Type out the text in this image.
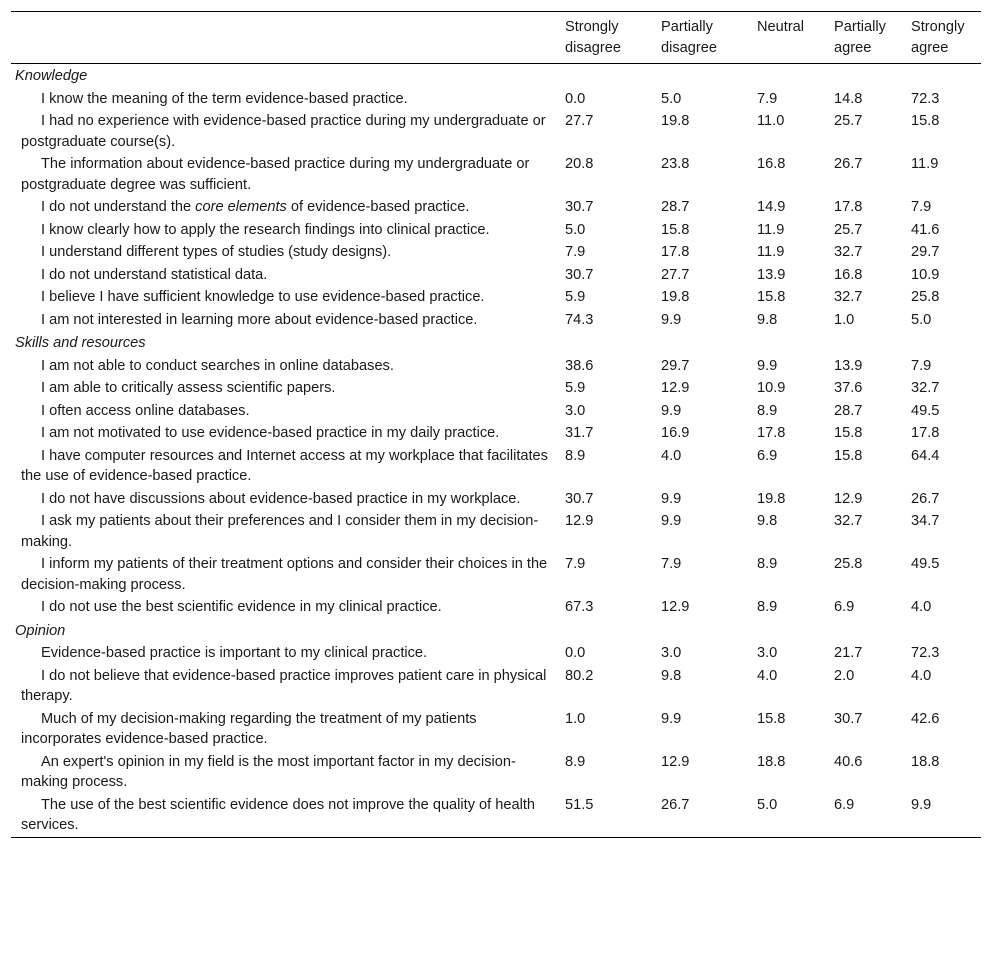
	Strongly disagree	Partially disagree	Neutral	Partially agree	Strongly agree
Knowledge					
I know the meaning of the term evidence-based practice.	0.0	5.0	7.9	14.8	72.3
I had no experience with evidence-based practice during my undergraduate or postgraduate course(s).	27.7	19.8	11.0	25.7	15.8
The information about evidence-based practice during my undergraduate or postgraduate degree was sufficient.	20.8	23.8	16.8	26.7	11.9
I do not understand the core elements of evidence-based practice.	30.7	28.7	14.9	17.8	7.9
I know clearly how to apply the research findings into clinical practice.	5.0	15.8	11.9	25.7	41.6
I understand different types of studies (study designs).	7.9	17.8	11.9	32.7	29.7
I do not understand statistical data.	30.7	27.7	13.9	16.8	10.9
I believe I have sufficient knowledge to use evidence-based practice.	5.9	19.8	15.8	32.7	25.8
I am not interested in learning more about evidence-based practice.	74.3	9.9	9.8	1.0	5.0
Skills and resources					
I am not able to conduct searches in online databases.	38.6	29.7	9.9	13.9	7.9
I am able to critically assess scientific papers.	5.9	12.9	10.9	37.6	32.7
I often access online databases.	3.0	9.9	8.9	28.7	49.5
I am not motivated to use evidence-based practice in my daily practice.	31.7	16.9	17.8	15.8	17.8
I have computer resources and Internet access at my workplace that facilitates the use of evidence-based practice.	8.9	4.0	6.9	15.8	64.4
I do not have discussions about evidence-based practice in my workplace.	30.7	9.9	19.8	12.9	26.7
I ask my patients about their preferences and I consider them in my decision-making.	12.9	9.9	9.8	32.7	34.7
I inform my patients of their treatment options and consider their choices in the decision-making process.	7.9	7.9	8.9	25.8	49.5
I do not use the best scientific evidence in my clinical practice.	67.3	12.9	8.9	6.9	4.0
Opinion					
Evidence-based practice is important to my clinical practice.	0.0	3.0	3.0	21.7	72.3
I do not believe that evidence-based practice improves patient care in physical therapy.	80.2	9.8	4.0	2.0	4.0
Much of my decision-making regarding the treatment of my patients incorporates evidence-based practice.	1.0	9.9	15.8	30.7	42.6
An expert's opinion in my field is the most important factor in my decision-making process.	8.9	12.9	18.8	40.6	18.8
The use of the best scientific evidence does not improve the quality of health services.	51.5	26.7	5.0	6.9	9.9
